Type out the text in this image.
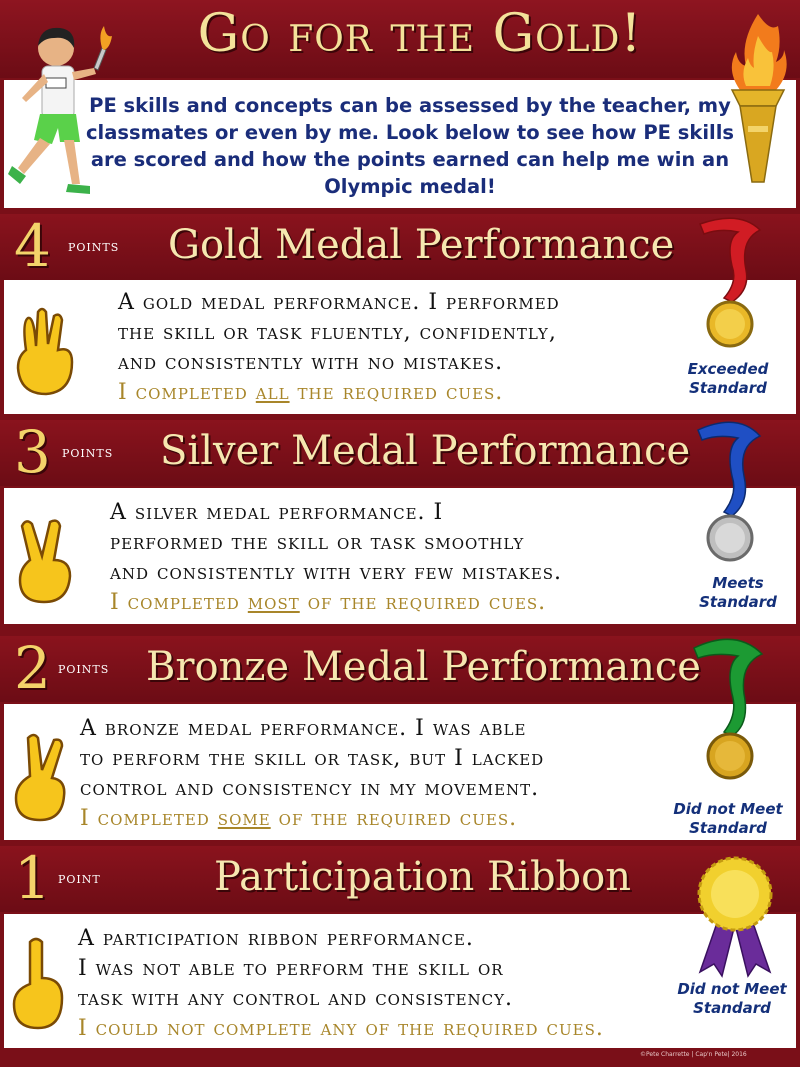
Go for the Gold!
PE skills and concepts can be assessed by the teacher, my classmates or even by me. Look below to see how PE skills are scored and how the points earned can help me win an Olympic medal!
4 points Gold Medal Performance
A gold medal performance. I performed
the skill or task fluently, confidently,
and consistently with no mistakes.
I completed all the required cues.
Exceeded
Standard
3 points Silver Medal Performance
A silver medal performance. I
performed the skill or task smoothly
and consistently with very few mistakes.
I completed most of the required cues.
Meets
Standard
2 points Bronze Medal Performance
A bronze medal performance. I was able
to perform the skill or task, but I lacked
control and consistency in my movement.
I completed some of the required cues.	Did not Meet
Standard
1 point	Participation Ribbon
A participation ribbon performance.
I was not able to perform the skill or
task with any control and consistency.
I could not complete any of the required cues.
Did not Meet
Standard
©Pete Charrette | Cap'n Pete| 2016
